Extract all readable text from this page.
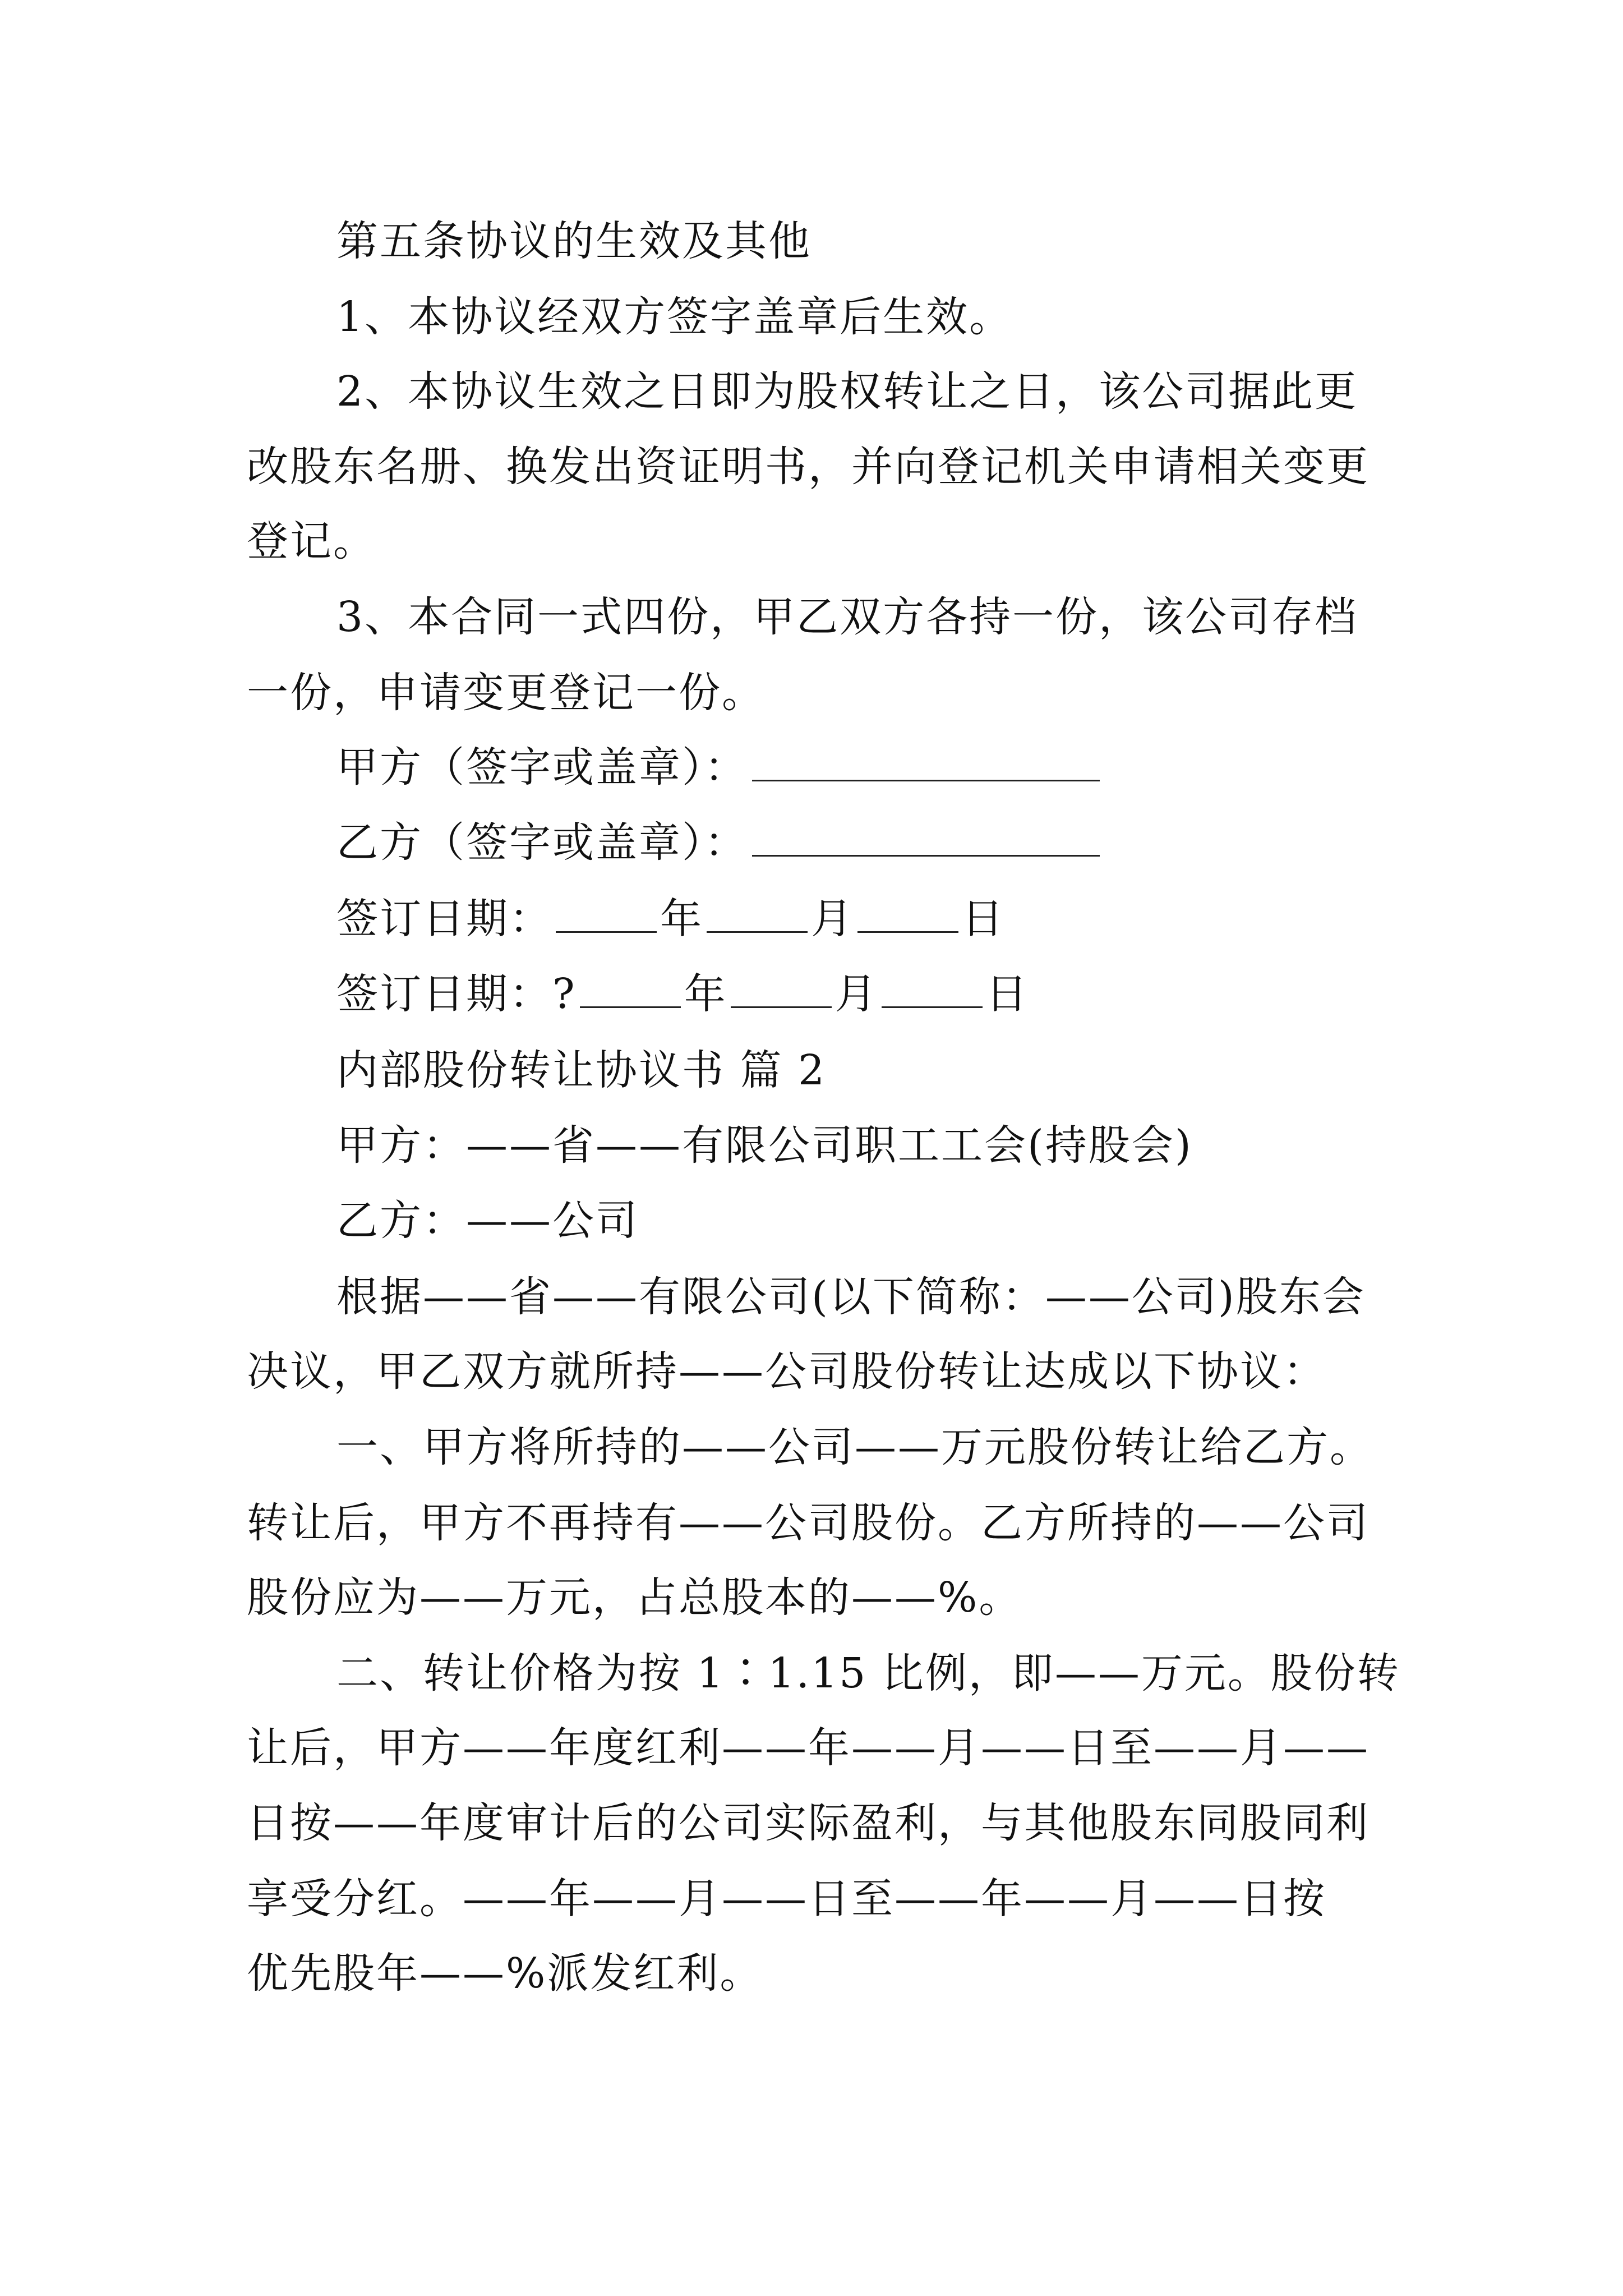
第五条协议的生效及其他
1、本协议经双方签字盖章后生效。
2、本协议生效之日即为股权转让之日，该公司据此更
改股东名册、换发出资证明书，并向登记机关申请相关变更
登记。
3、本合同一式四份，甲乙双方各持一份，该公司存档
一份，申请变更登记一份。
甲方（签字或盖章）：
乙方（签字或盖章）：
签订日期：	年	月	日
签订日期：?	年	月	日
内部股份转让协议书 篇 2
甲方：——省——有限公司职工工会(持股会)
乙方：——公司
根据——省——有限公司(以下简称：——公司)股东会
决议，甲乙双方就所持——公司股份转让达成以下协议：
一、甲方将所持的——公司——万元股份转让给乙方。
转让后，甲方不再持有——公司股份。乙方所持的——公司
股份应为——万元，占总股本的——%。
二、转让价格为按 1∶1.15 比例，即——万元。股份转
让后，甲方——年度红利——年——月——日至——月——
日按——年度审计后的公司实际盈利，与其他股东同股同利
享受分红。——年——月——日至——年——月——日按
优先股年——%派发红利。
